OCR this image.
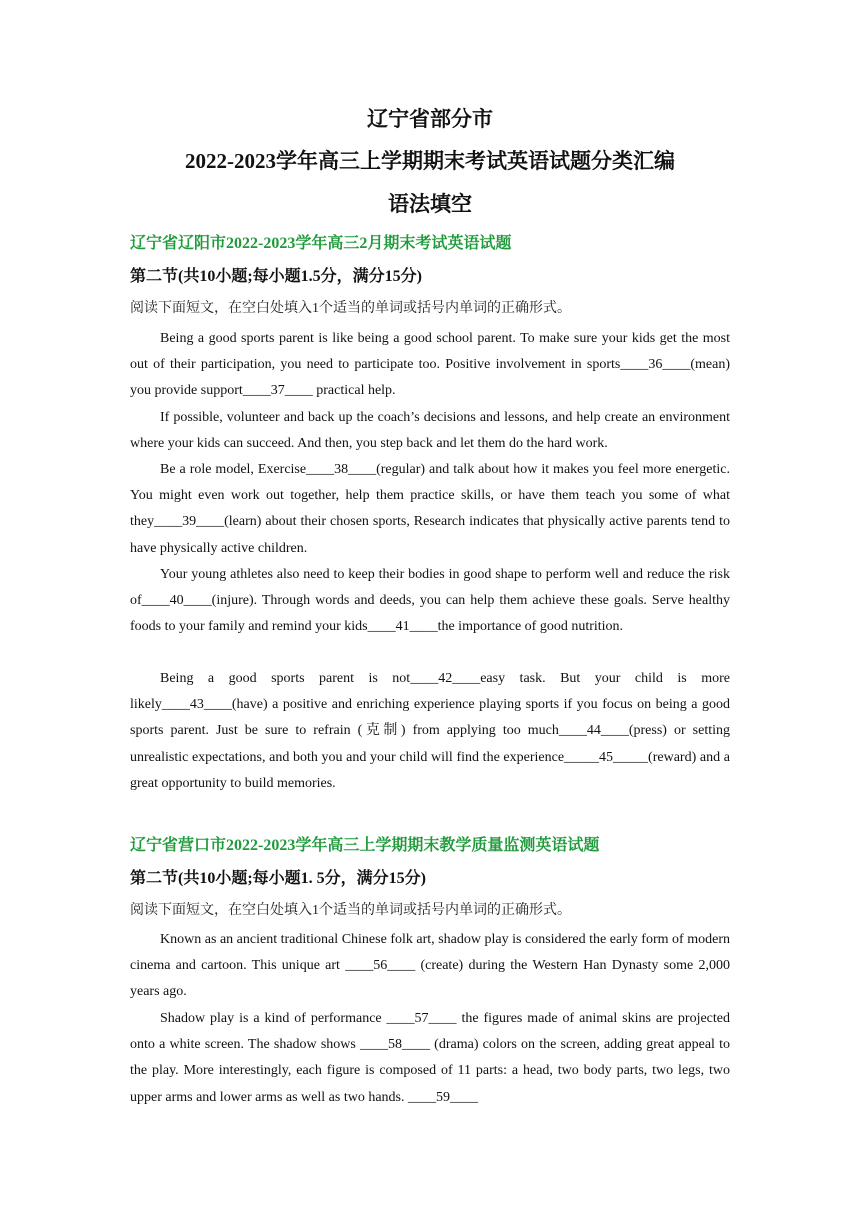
辽宁省部分市
2022-2023学年高三上学期期末考试英语试题分类汇编
语法填空
辽宁省辽阳市2022-2023学年高三2月期末考试英语试题
第二节(共10小题;每小题1.5分，满分15分)
阅读下面短文，在空白处填入1个适当的单词或括号内单词的正确形式。

Being a good sports parent is like being a good school parent. To make sure your kids get the most out of their participation, you need to participate too. Positive involvement in sports____36____(mean) you provide support____37____ practical help.

If possible, volunteer and back up the coach’s decisions and lessons, and help create an environment where your kids can succeed. And then, you step back and let them do the hard work.

Be a role model, Exercise____38____(regular) and talk about how it makes you feel more energetic. You might even work out together, help them practice skills, or have them teach you some of what they____39____(learn) about their chosen sports, Research indicates that physically active parents tend to have physically active children.

Your young athletes also need to keep their bodies in good shape to perform well and reduce the risk of____40____(injure). Through words and deeds, you can help them achieve these goals. Serve healthy foods to your family and remind your kids____41____the importance of good nutrition.

Being a good sports parent is not____42____easy task. But your child is more likely____43____(have) a positive and enriching experience playing sports if you focus on being a good sports parent. Just be sure to refrain (克制) from applying too much____44____(press) or setting unrealistic expectations, and both you and your child will find the experience_____45_____(reward) and a great opportunity to build memories.

辽宁省营口市2022-2023学年高三上学期期末教学质量监测英语试题
第二节(共10小题;每小题1. 5分，满分15分)
阅读下面短文，在空白处填入1个适当的单词或括号内单词的正确形式。

Known as an ancient traditional Chinese folk art, shadow play is considered the early form of modern cinema and cartoon. This unique art ____56____ (create) during the Western Han Dynasty some 2,000 years ago.

Shadow play is a kind of performance ____57____ the figures made of animal skins are projected onto a white screen. The shadow shows ____58____ (drama) colors on the screen, adding great appeal to the play. More interestingly, each figure is composed of 11 parts: a head, two body parts, two legs, two upper arms and lower arms as well as two hands. ____59____
